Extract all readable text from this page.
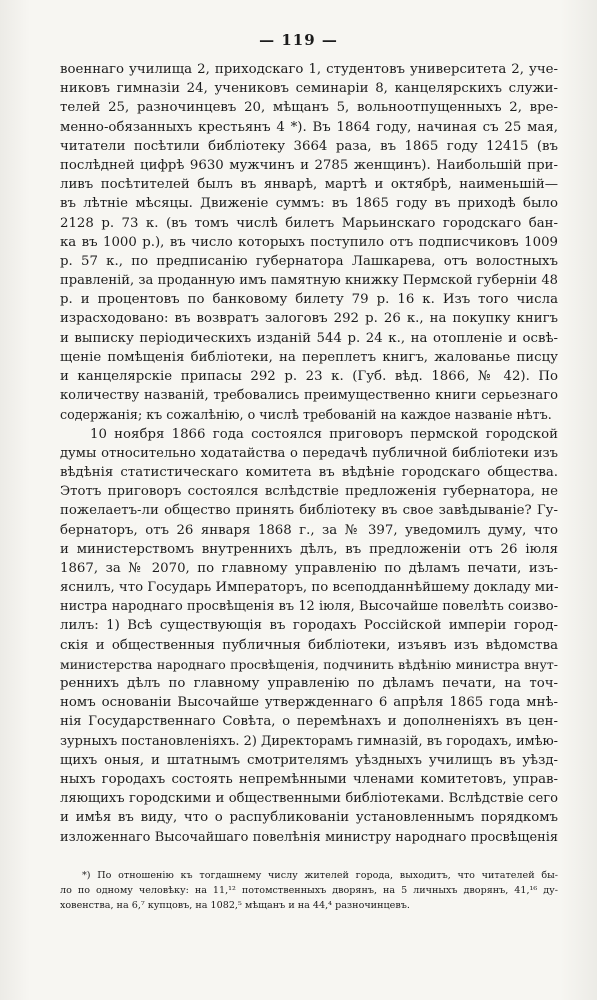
— 119 —
военнаго училища 2, приходскаго 1, студентовъ университета 2, уче-
никовъ гимназіи 24, учениковъ семинаріи 8, канцелярскихъ служи-
телей 25, разночинцевъ 20, мѣщанъ 5, вольноотпущенныхъ 2, вре-
менно-обязанныхъ крестьянъ 4 *). Въ 1864 году, начиная съ 25 мая,
читатели посѣтили библіотеку 3664 раза, въ 1865 году 12415 (въ
послѣдней цифрѣ 9630 мужчинъ и 2785 женщинъ). Наибольшій при-
ливъ посѣтителей былъ въ январѣ, мартѣ и октябрѣ, наименьшій—
въ лѣтніе мѣсяцы. Движеніе суммъ: въ 1865 году въ приходѣ было
2128 р. 73 к. (въ томъ числѣ билетъ Марьинскаго городскаго бан-
ка въ 1000 р.), въ число которыхъ поступило отъ подписчиковъ 1009
р. 57 к., по предписанію губернатора Лашкарева, отъ волостныхъ
правленій, за проданную имъ памятную книжку Пермской губерніи 48
р. и процентовъ по банковому билету 79 р. 16 к. Изъ того числа
израсходовано: въ возвратъ залоговъ 292 р. 26 к., на покупку книгъ
и выписку періодическихъ изданій 544 р. 24 к., на отопленіе и освѣ-
щеніе помѣщенія библіотеки, на переплетъ книгъ, жалованье писцу
и канцелярскіе припасы 292 р. 23 к. (Губ. вѣд. 1866, № 42). По
количеству названій, требовались преимущественно книги серьезнаго
содержанія; къ сожалѣнію, о числѣ требованій на каждое названіе нѣтъ.
10 ноября 1866 года состоялся приговоръ пермской городской
думы относительно ходатайства о передачѣ публичной библіотеки изъ
вѣдѣнія статистическаго комитета въ вѣдѣніе городскаго общества.
Этотъ приговоръ состоялся вслѣдствіе предложенія губернатора, не
пожелаетъ-ли общество принять библіотеку въ свое завѣдываніе? Гу-
бернаторъ, отъ 26 января 1868 г., за № 397, уведомилъ думу, что
и министерствомъ внутреннихъ дѣлъ, въ предложеніи отъ 26 іюля
1867, за № 2070, по главному управленію по дѣламъ печати, изъ-
яснилъ, что Государь Императоръ, по всеподданнѣйшему докладу ми-
нистра народнаго просвѣщенія въ 12 іюля, Высочайше повелѣть соизво-
лилъ: 1) Всѣ существующія въ городахъ Россійской имперіи город-
скія и общественныя публичныя библіотеки, изъявъ изъ вѣдомства
министерства народнаго просвѣщенія, подчинить вѣдѣнію министра внут-
реннихъ дѣлъ по главному управленію по дѣламъ печати, на точ-
номъ основаніи Высочайше утвержденнаго 6 апрѣля 1865 года мнѣ-
нія Государственнаго Совѣта, о перемѣнахъ и дополненіяхъ въ цен-
зурныхъ постановленіяхъ. 2) Директорамъ гимназій, въ городахъ, имѣю-
щихъ оныя, и штатнымъ смотрителямъ уѣздныхъ училищъ въ уѣзд-
ныхъ городахъ состоять непремѣнными членами комитетовъ, управ-
ляющихъ городскими и общественными библіотеками. Вслѣдствіе сего
и имѣя въ виду, что о распубликованіи установленнымъ порядкомъ
изложеннаго Высочайшаго повелѣнія министру народнаго просвѣщенія
*) По отношенію къ тогдашнему числу жителей города, выходитъ, что читателей бы-
ло по одному человѣку: на 11,¹² потомственныхъ дворянъ, на 5 личныхъ дворянъ, 41,¹⁶ ду-
ховенства, на 6,⁷ купцовъ, на 1082,⁵ мѣщанъ и на 44,⁴ разночинцевъ.
